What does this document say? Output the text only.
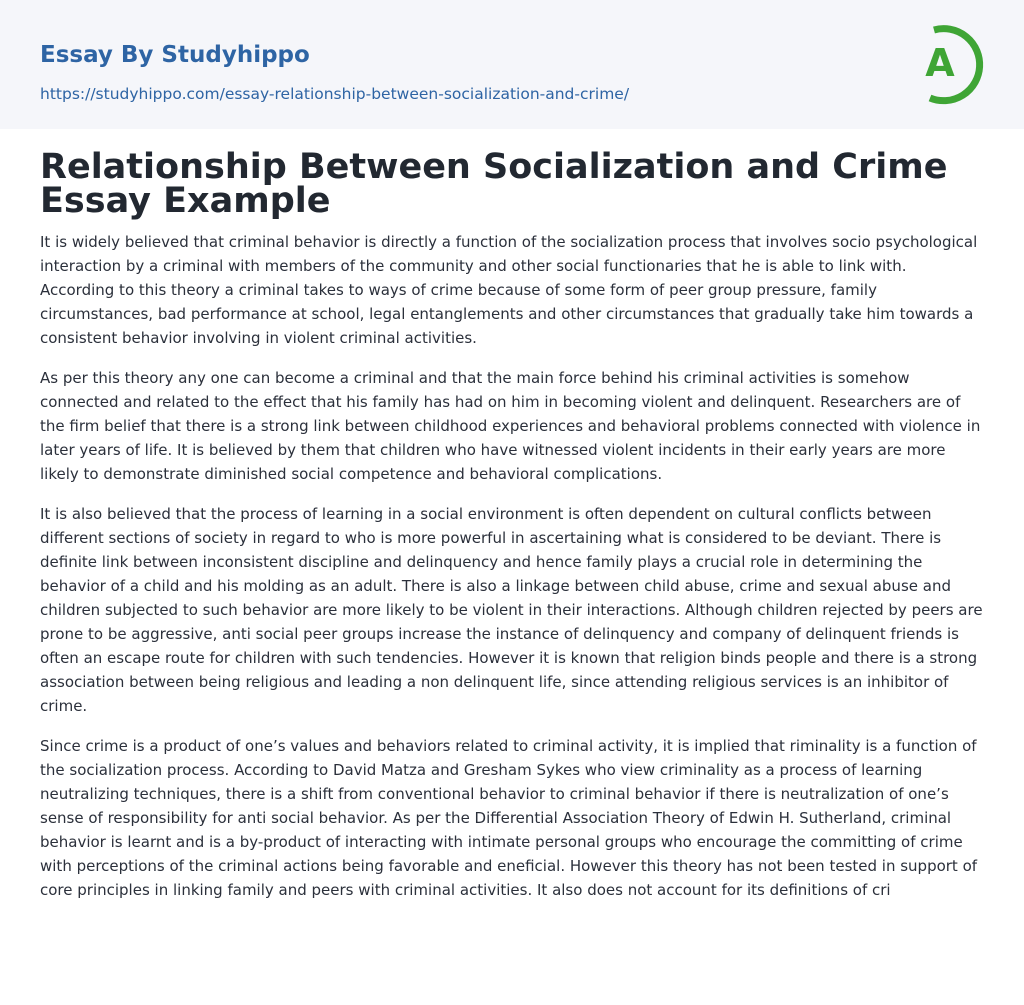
Essay By Studyhippo
https://studyhippo.com/essay-relationship-between-socialization-and-crime/
A
Relationship Between Socialization and Crime Essay Example

It is widely believed that criminal behavior is directly a function of the socialization process that involves socio psychological interaction by a criminal with members of the community and other social functionaries that he is able to link with. According to this theory a criminal takes to ways of crime because of some form of peer group pressure, family circumstances, bad performance at school, legal entanglements and other circumstances that gradually take him towards a consistent behavior involving in violent criminal activities.

As per this theory any one can become a criminal and that the main force behind his criminal activities is somehow connected and related to the effect that his family has had on him in becoming violent and delinquent. Researchers are of the firm belief that there is a strong link between childhood experiences and behavioral problems connected with violence in later years of life. It is believed by them that children who have witnessed violent incidents in their early years are more likely to demonstrate diminished social competence and behavioral complications.

It is also believed that the process of learning in a social environment is often dependent on cultural conflicts between different sections of society in regard to who is more powerful in ascertaining what is considered to be deviant. There is definite link between inconsistent discipline and delinquency and hence family plays a crucial role in determining the behavior of a child and his molding as an adult. There is also a linkage between child abuse, crime and sexual abuse and children subjected to such behavior are more likely to be violent in their interactions. Although children rejected by peers are prone to be aggressive, anti social peer groups increase the instance of delinquency and company of delinquent friends is often an escape route for children with such tendencies. However it is known that religion binds people and there is a strong association between being religious and leading a non delinquent life, since attending religious services is an inhibitor of crime.

Since crime is a product of one’s values and behaviors related to criminal activity, it is implied that riminality is a function of the socialization process. According to David Matza and Gresham Sykes who view criminality as a process of learning neutralizing techniques, there is a shift from conventional behavior to criminal behavior if there is neutralization of one’s sense of responsibility for anti social behavior. As per the Differential Association Theory of Edwin H. Sutherland, criminal behavior is learnt and is a by-product of interacting with intimate personal groups who encourage the committing of crime with perceptions of the criminal actions being favorable and eneficial. However this theory has not been tested in support of core principles in linking family and peers with criminal activities. It also does not account for its definitions of cri
